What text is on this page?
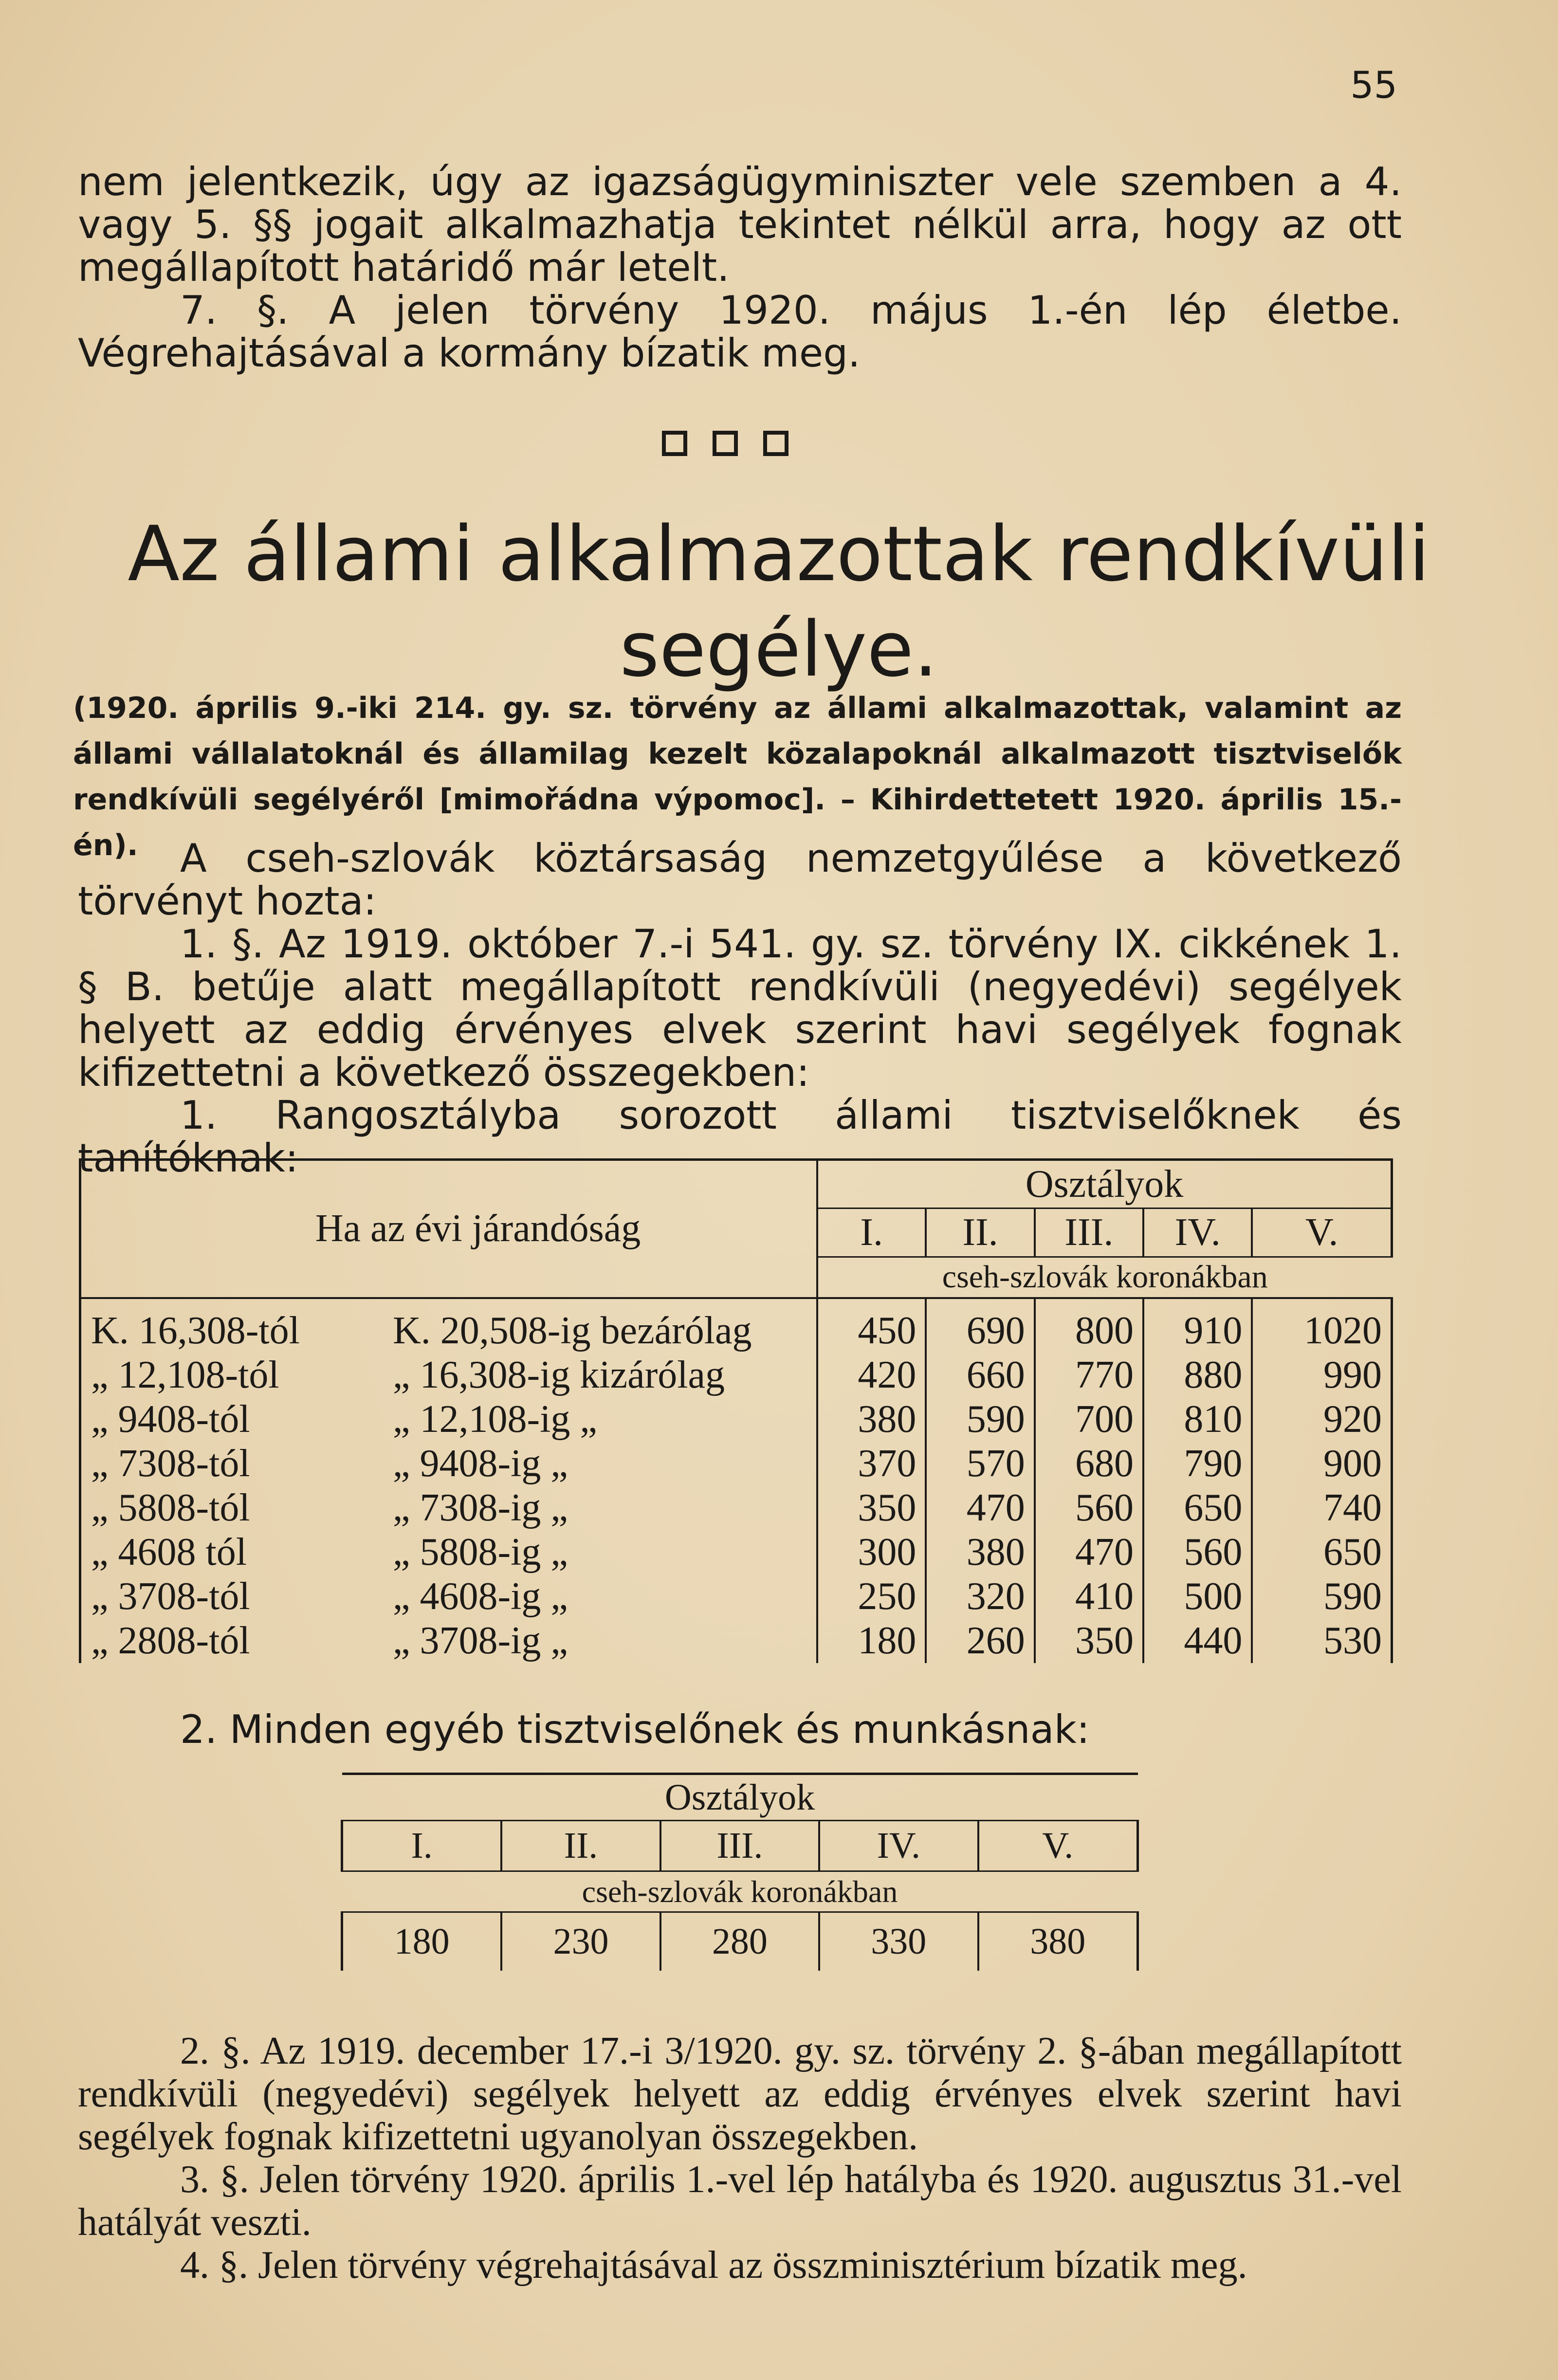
55

nem jelentkezik, úgy az igazságügyminiszter vele szemben a 4. vagy 5. §§ jogait alkalmazhatja tekintet nélkül arra, hogy az ott megállapított határidő már letelt.

7. §. A jelen törvény 1920. május 1.-én lép életbe. Végrehajtásával a kormány bízatik meg.

Az állami alkalmazottak rendkívüli
segélye.
(1920. április 9.-iki 214. gy. sz. törvény az állami alkalmazottak, valamint az állami vállalatoknál és államilag kezelt közalapoknál alkalmazott tisztviselők rendkívüli segélyéről [mimořádna výpomoc]. – Kihirdettetett 1920. április 15.-én).	A cseh-szlovák köztársaság nemzetgyűlése a következő törvényt hozta:

1. §. Az 1919. október 7.-i 541. gy. sz. törvény IX. cikkének 1. § B. betűje alatt megállapított rendkívüli (negyedévi) segélyek helyett az eddig érvényes elvek szerint havi segélyek fognak kifizettetni a következő összegekben:

1. Rangosztályba sorozott állami tisztviselőknek és tanítóknak:

Ha az évi járandóság		Osztályok				
		I.	II.	III.	IV.	V.
		cseh-szlovák koronákban				
K. 16,308-tól	K. 20,508-ig bezárólag	450	690	800	910	1020
„ 12,108-tól	„ 16,308-ig kizárólag	420	660	770	880	990
„ 9408-tól	„ 12,108-ig „	380	590	700	810	920
„ 7308-tól	„ 9408-ig „	370	570	680	790	900
„ 5808-tól	„ 7308-ig „	350	470	560	650	740
„ 4608 tól	„ 5808-ig „	300	380	470	560	650
„ 3708-tól	„ 4608-ig „	250	320	410	500	590
„ 2808-tól	„ 3708-ig „	180	260	350	440	530

2. Minden egyéb tisztviselőnek és munkásnak:

Osztályok				
I.	II.	III.	IV.	V.
cseh-szlovák koronákban				
180	230	280	330	380

2. §. Az 1919. december 17.-i 3/1920. gy. sz. törvény 2. §-ában megállapított rendkívüli (negyedévi) segélyek helyett az eddig érvényes elvek szerint havi segélyek fognak kifizettetni ugyanolyan összegekben.

3. §. Jelen törvény 1920. április 1.-vel lép hatályba és 1920. augusztus 31.-vel hatályát veszti.

4. §. Jelen törvény végrehajtásával az összminisztérium bízatik meg.
